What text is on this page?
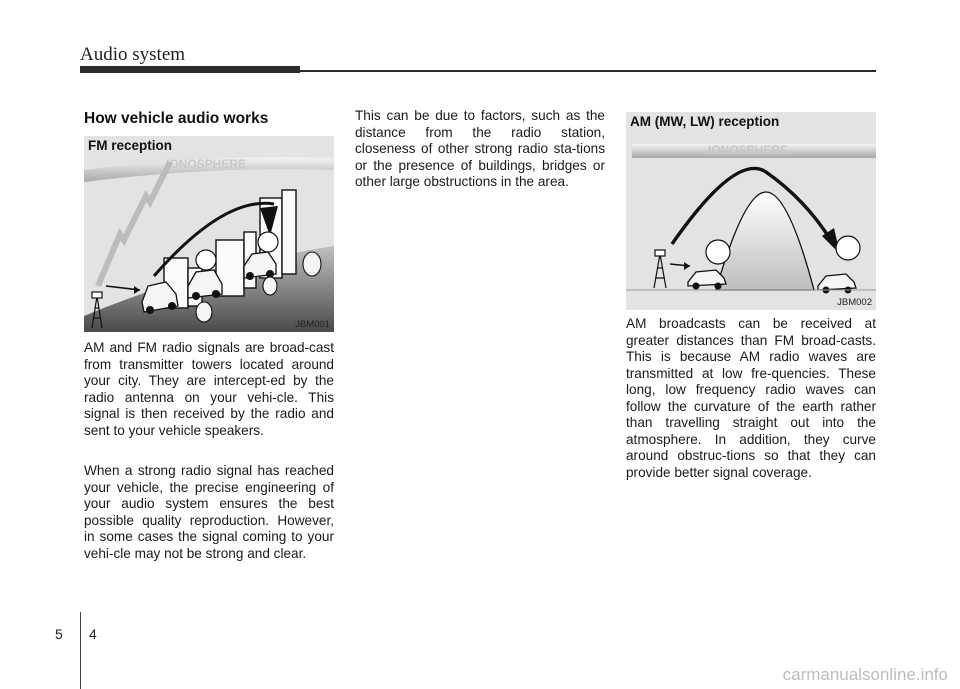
Audio system
How vehicle audio works
FM reception
IONOSPHERE
JBM001
AM (MW, LW) reception
IONOSPHERE
JBM002

AM and FM radio signals are broad-cast from transmitter towers located around your city. They are intercept-ed by the radio antenna on your vehi-cle. This signal is then received by the radio and sent to your vehicle speakers.

When a strong radio signal has reached your vehicle, the precise engineering of your audio system ensures the best possible quality reproduction. However, in some cases the signal coming to your vehi-cle may not be strong and clear.

This can be due to factors, such as the distance from the radio station, closeness of other strong radio sta-tions or the presence of buildings, bridges or other large obstructions in the area.

AM broadcasts can be received at greater distances than FM broad-casts. This is because AM radio waves are transmitted at low fre-quencies. These long, low frequency radio waves can follow the curvature of the earth rather than travelling straight out into the atmosphere. In addition, they curve around obstruc-tions so that they can provide better signal coverage.

5 4
carmanualsonline.info
